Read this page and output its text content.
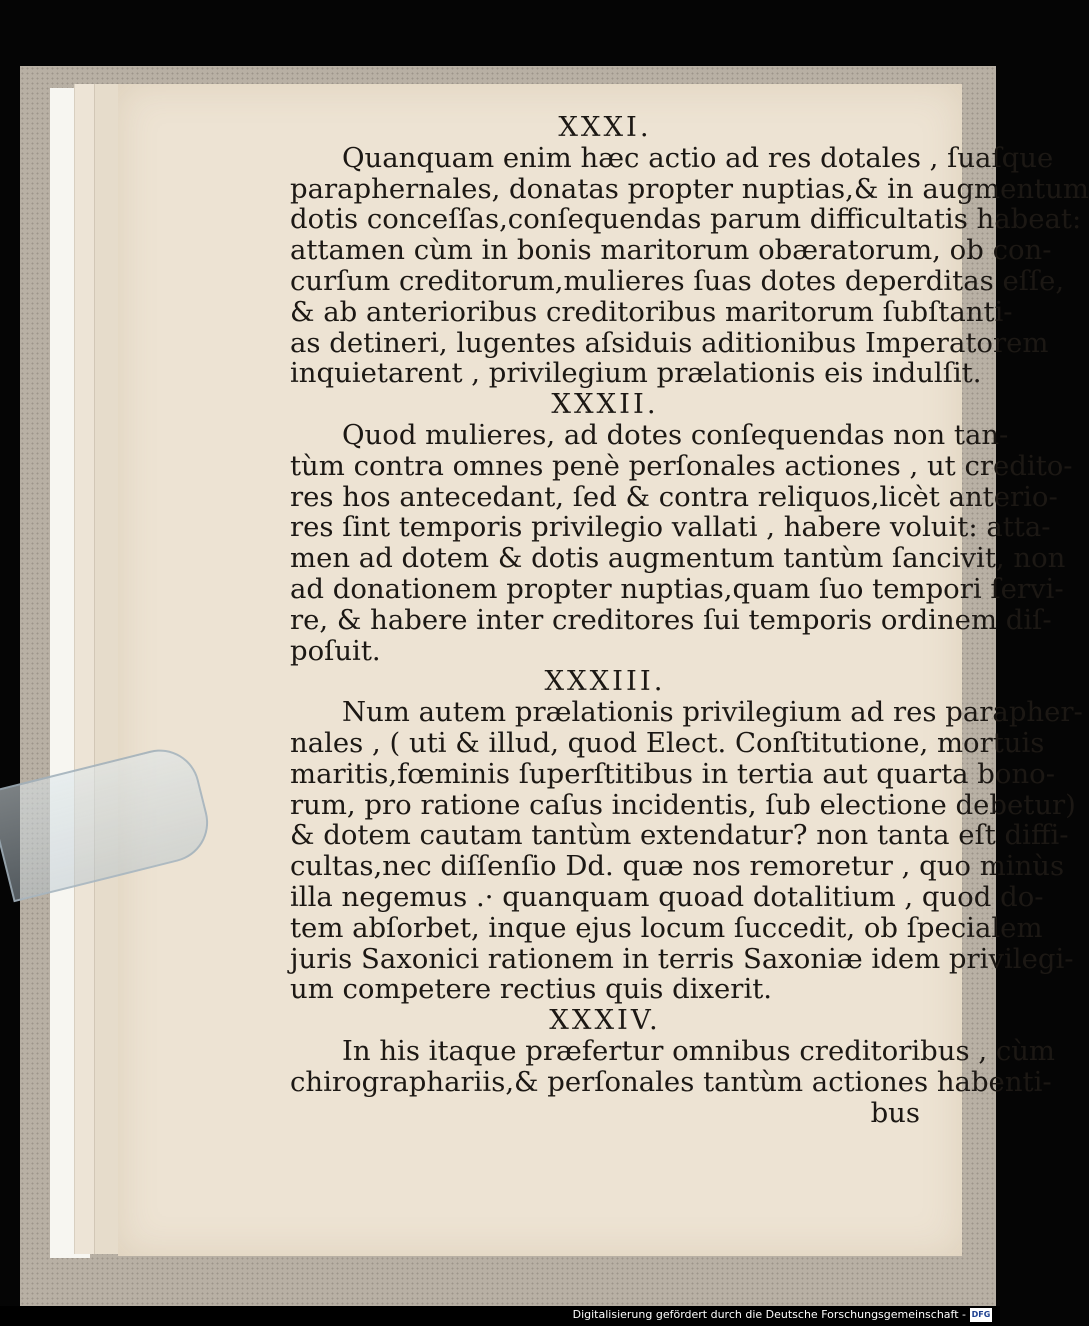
XXXI.

Quanquam enim hæc actio ad res dotales , ſuaſque

paraphernales, donatas propter nuptias,& in augmentum

dotis conceſſas,conſequendas parum difficultatis habeat:

attamen cùm in bonis maritorum obæratorum, ob con-

curſum creditorum,mulieres ſuas dotes deperditas eſſe,

& ab anterioribus creditoribus maritorum ſubſtanti-

as detineri, lugentes aſsiduis aditionibus Imperatorem

inquietarent , privilegium prælationis eis indulſit.

XXXII.

Quod mulieres, ad dotes conſequendas non tan-

tùm contra omnes penè perſonales actiones , ut credito-

res hos antecedant, ſed & contra reliquos,licèt anterio-

res ſint temporis privilegio vallati , habere voluit: atta-

men ad dotem & dotis augmentum tantùm ſancivit, non

ad donationem propter nuptias,quam ſuo tempori ſervi-

re, & habere inter creditores ſui temporis ordinem diſ-

poſuit.

XXXIII.

Num autem prælationis privilegium ad res parapher-

nales , ( uti & illud, quod Elect. Conſtitutione, mortuis

maritis,fœminis ſuperſtitibus in tertia aut quarta bono-

rum, pro ratione caſus incidentis, ſub electione debetur)

& dotem cautam tantùm extendatur? non tanta eſt diffi-

cultas,nec diſſenſio Dd. quæ nos remoretur , quo minùs

illa negemus .· quanquam quoad dotalitium , quod do-

tem abſorbet, inque ejus locum ſuccedit, ob ſpecialem

juris Saxonici rationem in terris Saxoniæ idem privilegi-

um competere rectius quis dixerit.

XXXIV.

In his itaque præfertur omnibus creditoribus , cùm

chirographariis,& perſonales tantùm actiones habenti-

bus
Digitalisierung gefördert durch die Deutsche Forschungsgemeinschaft - DFG
